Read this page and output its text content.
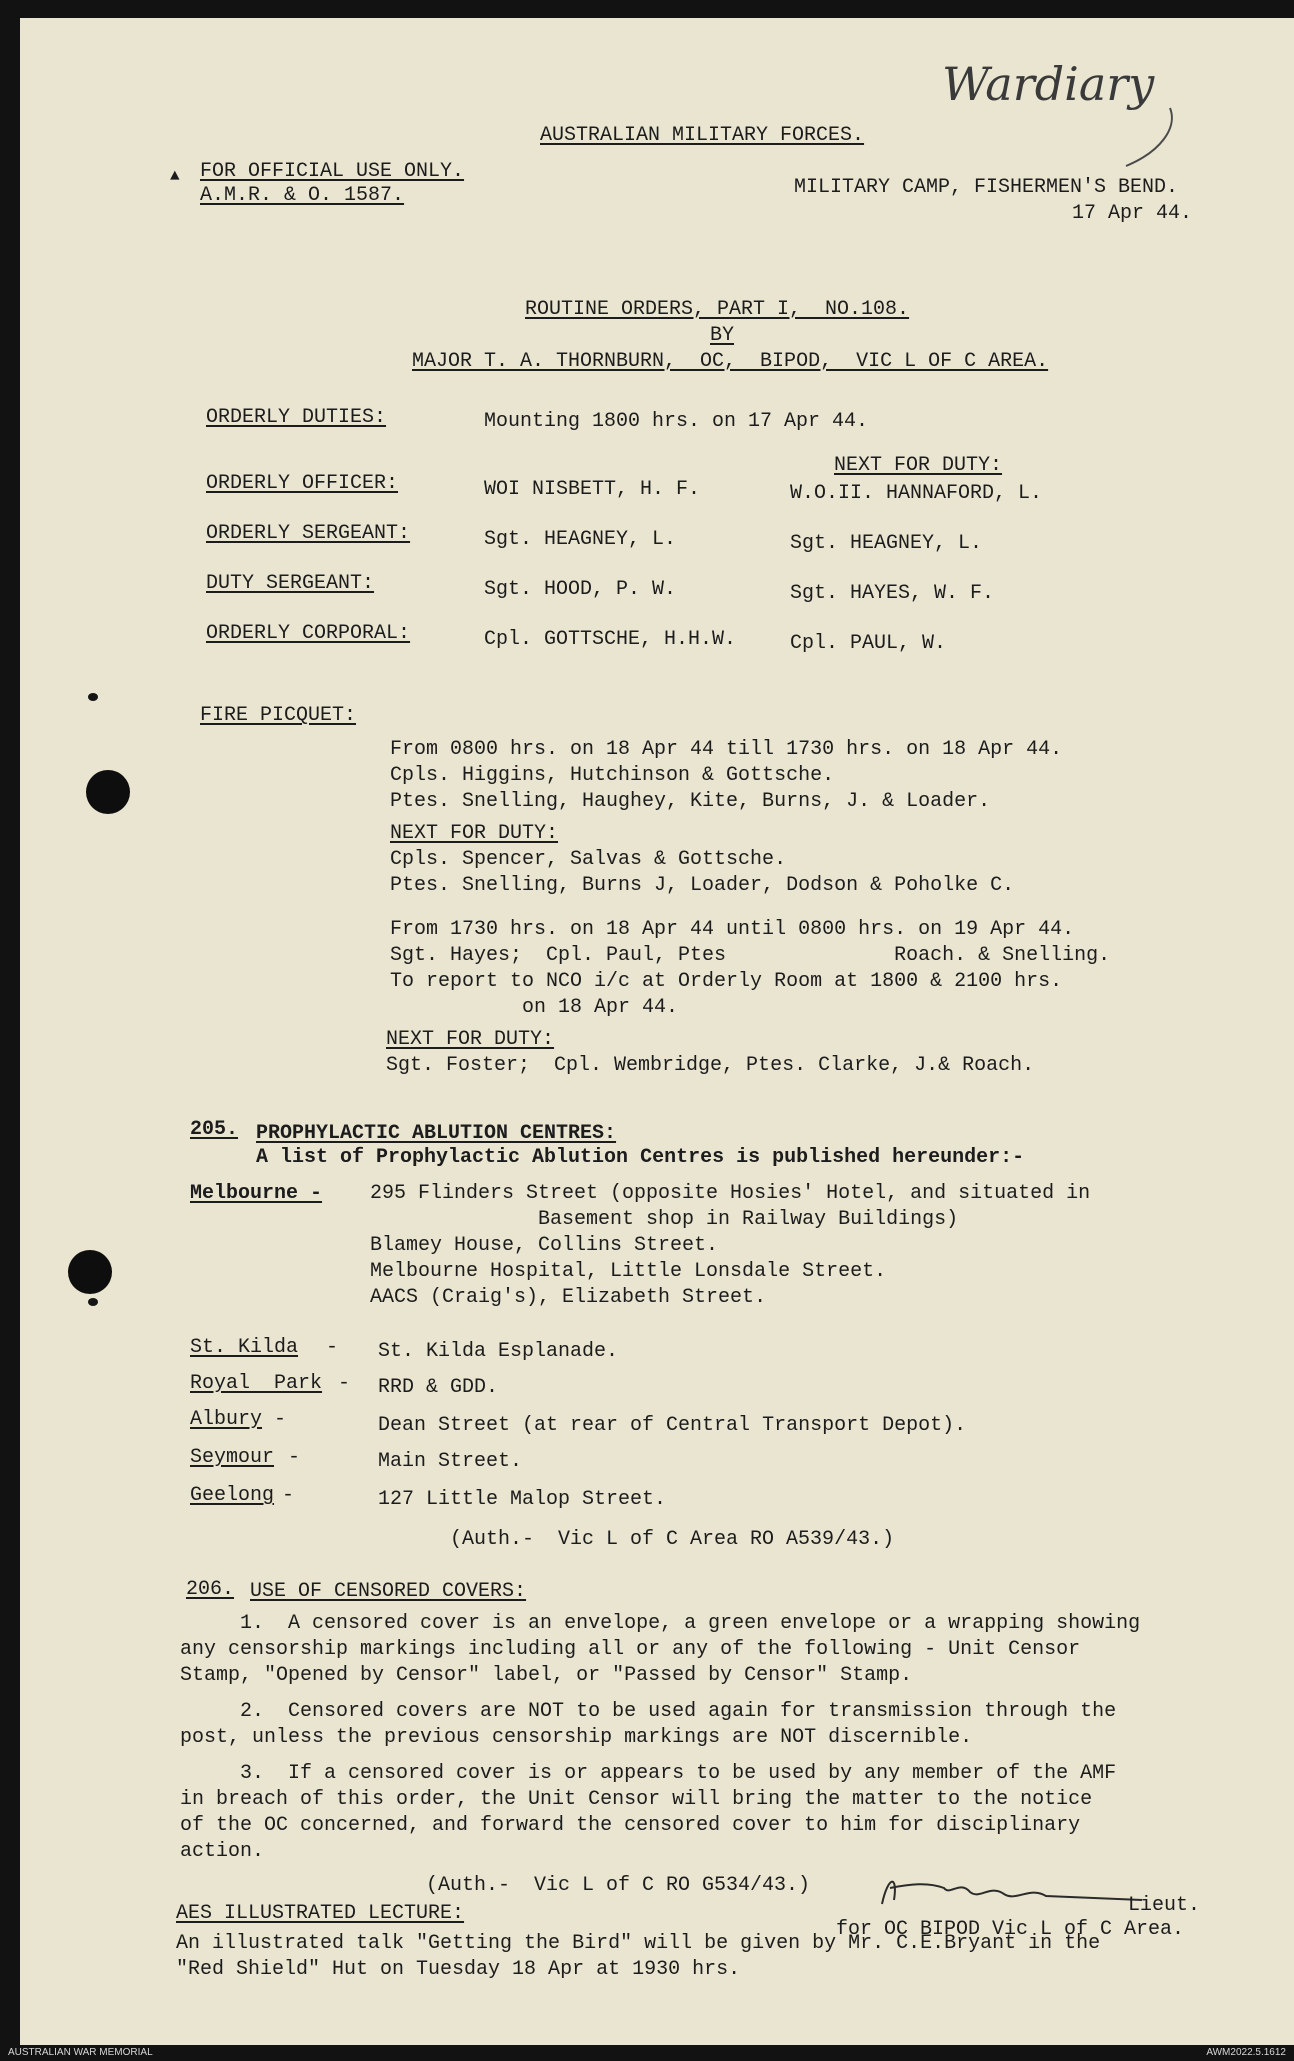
Wardiary
AUSTRALIAN MILITARY FORCES.
▲ FOR OFFICIAL USE ONLY.
A.M.R. & O. 1587.	MILITARY CAMP, FISHERMEN'S BEND.
17 Apr 44.
ROUTINE ORDERS, PART I,  NO.108.
BY
MAJOR T. A. THORNBURN,  OC,  BIPOD,  VIC L OF C AREA.
ORDERLY DUTIES:	Mounting 1800 hrs. on 17 Apr 44.
NEXT FOR DUTY:
ORDERLY OFFICER:	WOI NISBETT, H. F.	W.O.II. HANNAFORD, L.
ORDERLY SERGEANT:	Sgt. HEAGNEY, L.	Sgt. HEAGNEY, L.
DUTY SERGEANT:	Sgt. HOOD, P. W.	Sgt. HAYES, W. F.
ORDERLY CORPORAL:	Cpl. GOTTSCHE, H.H.W.	Cpl. PAUL, W.
FIRE PICQUET:
From 0800 hrs. on 18 Apr 44 till 1730 hrs. on 18 Apr 44.
Cpls. Higgins, Hutchinson & Gottsche.
Ptes. Snelling, Haughey, Kite, Burns, J. & Loader.
NEXT FOR DUTY:
Cpls. Spencer, Salvas & Gottsche.
Ptes. Snelling, Burns J, Loader, Dodson & Poholke C.
From 1730 hrs. on 18 Apr 44 until 0800 hrs. on 19 Apr 44.
Sgt. Hayes;  Cpl. Paul, Ptes              Roach. & Snelling.
To report to NCO i/c at Orderly Room at 1800 & 2100 hrs.
on 18 Apr 44.
NEXT FOR DUTY:
Sgt. Foster;  Cpl. Wembridge, Ptes. Clarke, J.& Roach.
205. PROPHYLACTIC ABLUTION CENTRES:
A list of Prophylactic Ablution Centres is published hereunder:-
Melbourne - 295 Flinders Street (opposite Hosies' Hotel, and situated in
Basement shop in Railway Buildings)
Blamey House, Collins Street.
Melbourne Hospital, Little Lonsdale Street.
AACS (Craig's), Elizabeth Street.
St. Kilda - St. Kilda Esplanade.
Royal  Park - RRD & GDD.
Albury -	Dean Street (at rear of Central Transport Depot).
Seymour -	Main Street.
Geelong -	127 Little Malop Street.
(Auth.-  Vic L of C Area RO A539/43.)
206. USE OF CENSORED COVERS:
1.  A censored cover is an envelope, a green envelope or a wrapping showing
any censorship markings including all or any of the following - Unit Censor
Stamp, "Opened by Censor" label, or "Passed by Censor" Stamp.
2.  Censored covers are NOT to be used again for transmission through the
post, unless the previous censorship markings are NOT discernible.
3.  If a censored cover is or appears to be used by any member of the AMF
in breach of this order, the Unit Censor will bring the matter to the notice
of the OC concerned, and forward the censored cover to him for disciplinary
action.
(Auth.-  Vic L of C RO G534/43.)
Lieut.
for OC BIPOD Vic L of C Area.
AES ILLUSTRATED LECTURE:
An illustrated talk "Getting the Bird" will be given by Mr. C.E.Bryant in the
"Red Shield" Hut on Tuesday 18 Apr at 1930 hrs.
AUSTRALIAN WAR MEMORIAL	AWM2022.5.1612
